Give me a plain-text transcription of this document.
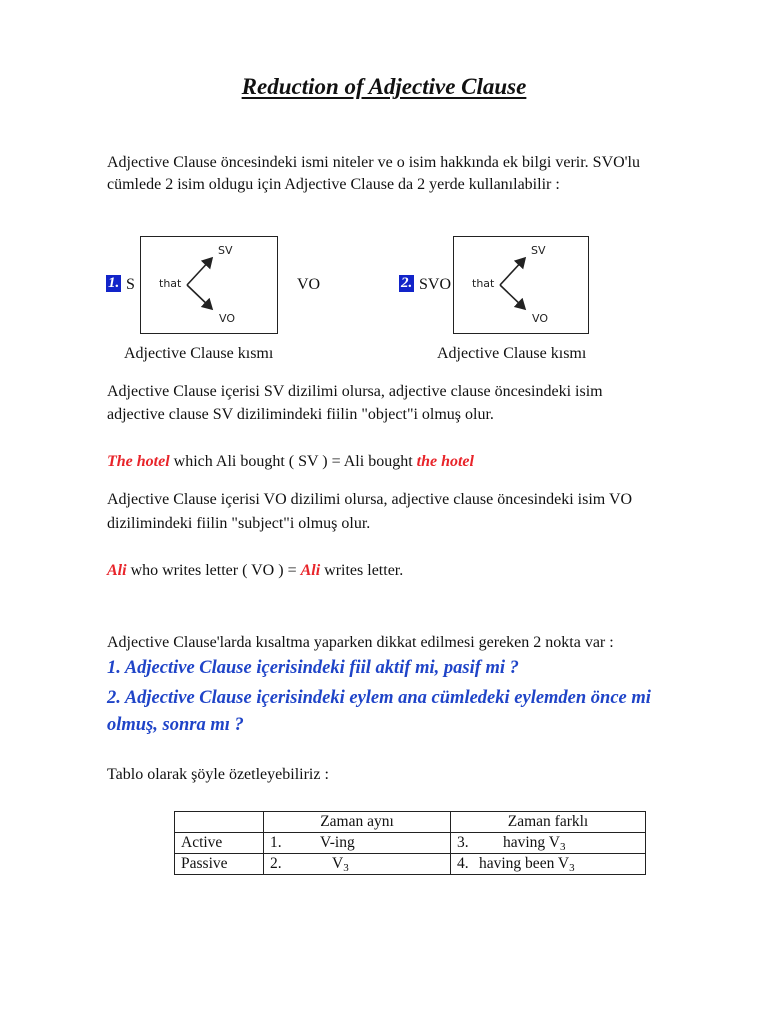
Reduction of Adjective Clause
Adjective Clause öncesindeki ismi niteler ve o isim hakkında ek bilgi verir. SVO'lu
cümlede 2 isim oldugu için Adjective Clause da 2 yerde kullanılabilir :
1. S that
SV
VO
VO
Adjective Clause kısmı
2. SVO that
SV
VO
Adjective Clause kısmı
Adjective Clause içerisi SV dizilimi olursa, adjective clause öncesindeki isim
adjective clause SV dizilimindeki fiilin "object"i olmuş olur.
The hotel which Ali bought ( SV ) = Ali bought the hotel
Adjective Clause içerisi VO dizilimi olursa, adjective clause öncesindeki isim VO
dizilimindeki fiilin "subject"i olmuş olur.
Ali who writes letter ( VO ) = Ali writes letter.
Adjective Clause'larda kısaltma yaparken dikkat edilmesi gereken 2 nokta var :
1. Adjective Clause içerisindeki fiil aktif mi, pasif mi ?
2. Adjective Clause içerisindeki eylem ana cümledeki eylemden önce mi
olmuş, sonra mı ?
Tablo olarak şöyle özetleyebiliriz :
	Zaman aynı	Zaman farklı
Active	1. V-ing	3. having $V_3$
Passive	2. $V_3$	4. having been $V_3$
